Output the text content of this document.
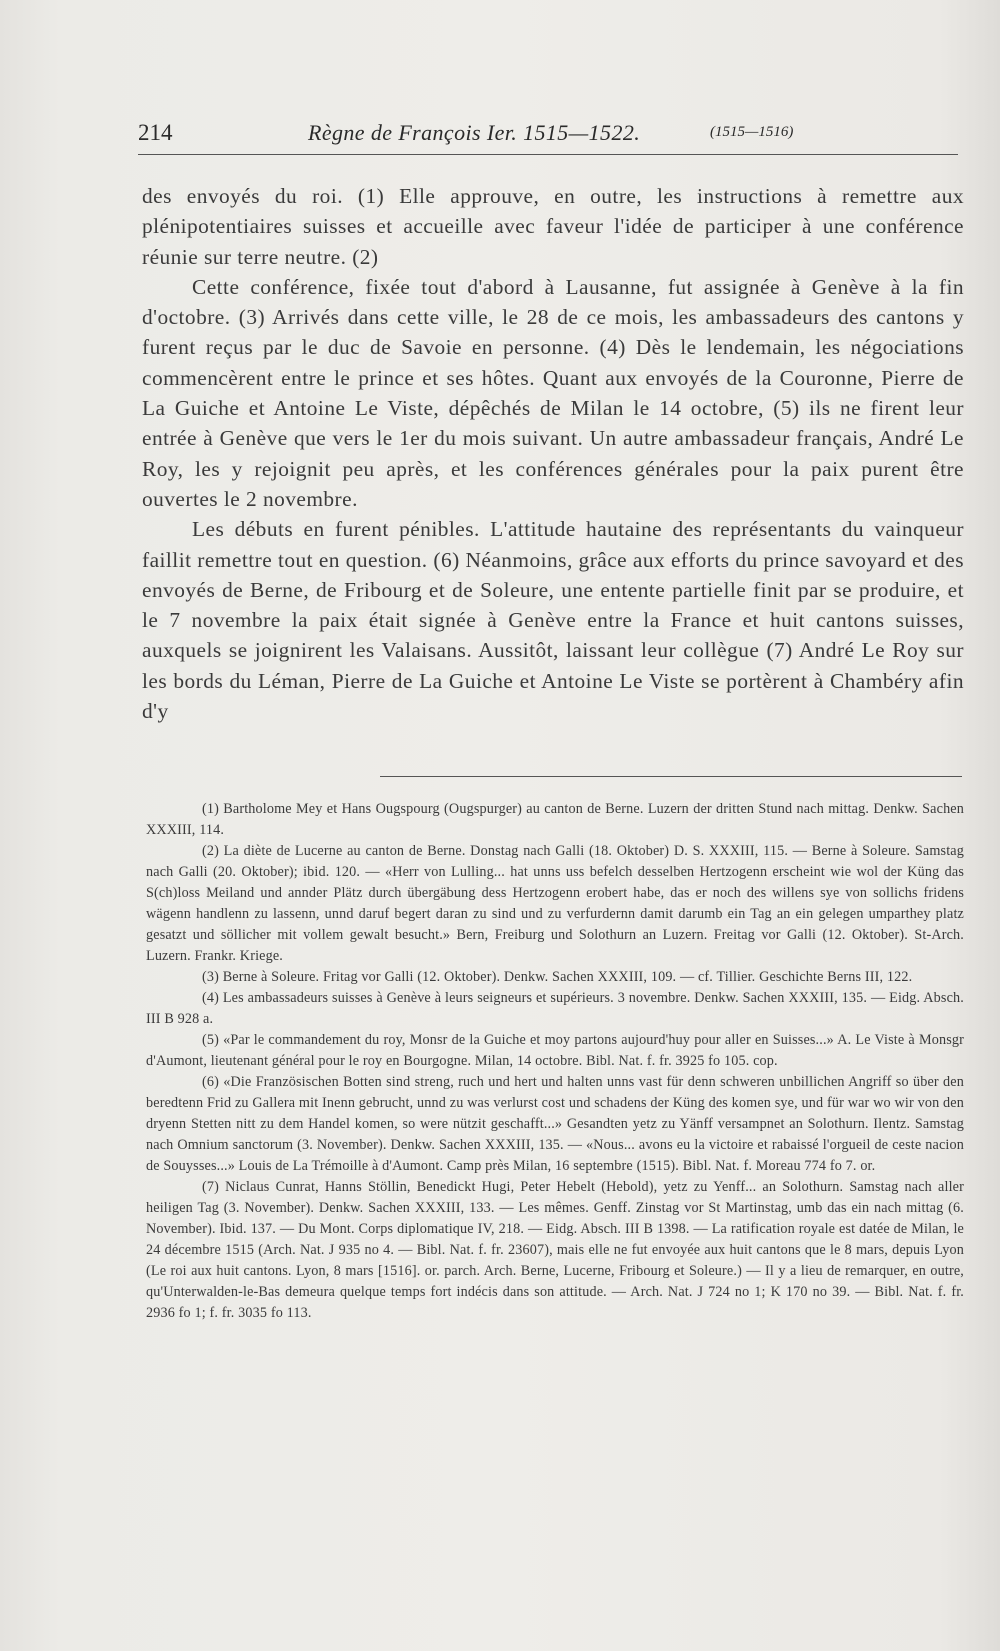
214	Règne de François Ier. 1515—1522.	(1515—1516)

des envoyés du roi. (1) Elle approuve, en outre, les instructions à remettre aux plénipotentiaires suisses et accueille avec faveur l'idée de participer à une conférence réunie sur terre neutre. (2)

Cette conférence, fixée tout d'abord à Lausanne, fut assignée à Genève à la fin d'octobre. (3) Arrivés dans cette ville, le 28 de ce mois, les ambassadeurs des cantons y furent reçus par le duc de Savoie en personne. (4) Dès le lendemain, les négociations commencèrent entre le prince et ses hôtes. Quant aux envoyés de la Couronne, Pierre de La Guiche et Antoine Le Viste, dépêchés de Milan le 14 octobre, (5) ils ne firent leur entrée à Genève que vers le 1er du mois suivant. Un autre ambassadeur français, André Le Roy, les y rejoignit peu après, et les conférences générales pour la paix purent être ouvertes le 2 novembre.

Les débuts en furent pénibles. L'attitude hautaine des représentants du vainqueur faillit remettre tout en question. (6) Néanmoins, grâce aux efforts du prince savoyard et des envoyés de Berne, de Fribourg et de Soleure, une entente partielle finit par se produire, et le 7 novembre la paix était signée à Genève entre la France et huit cantons suisses, auxquels se joignirent les Valaisans. Aussitôt, laissant leur collègue (7) André Le Roy sur les bords du Léman, Pierre de La Guiche et Antoine Le Viste se portèrent à Chambéry afin d'y

(1) Bartholome Mey et Hans Ougspourg (Ougspurger) au canton de Berne. Luzern der dritten Stund nach mittag. Denkw. Sachen XXXIII, 114.

(2) La diète de Lucerne au canton de Berne. Donstag nach Galli (18. Oktober) D. S. XXXIII, 115. — Berne à Soleure. Samstag nach Galli (20. Oktober); ibid. 120. — «Herr von Lulling... hat unns uss befelch desselben Hertzogenn erscheint wie wol der Küng das S(ch)loss Meiland und annder Plätz durch übergäbung dess Hertzogenn erobert habe, das er noch des willens sye von sollichs fridens wägenn handlenn zu lassenn, unnd daruf begert daran zu sind und zu verfurdernn damit darumb ein Tag an ein gelegen umparthey platz gesatzt und söllicher mit vollem gewalt besucht.» Bern, Freiburg und Solothurn an Luzern. Freitag vor Galli (12. Oktober). St-Arch. Luzern. Frankr. Kriege.

(3) Berne à Soleure. Fritag vor Galli (12. Oktober). Denkw. Sachen XXXIII, 109. — cf. Tillier. Geschichte Berns III, 122.

(4) Les ambassadeurs suisses à Genève à leurs seigneurs et supérieurs. 3 novembre. Denkw. Sachen XXXIII, 135. — Eidg. Absch. III B 928 a.

(5) «Par le commandement du roy, Monsr de la Guiche et moy partons aujourd'huy pour aller en Suisses...» A. Le Viste à Monsgr d'Aumont, lieutenant général pour le roy en Bourgogne. Milan, 14 octobre. Bibl. Nat. f. fr. 3925 fo 105. cop.

(6) «Die Französischen Botten sind streng, ruch und hert und halten unns vast für denn schweren unbillichen Angriff so über den beredtenn Frid zu Gallera mit Inenn gebrucht, unnd zu was verlurst cost und schadens der Küng des komen sye, und für war wo wir von den dryenn Stetten nitt zu dem Handel komen, so were nützit geschafft...» Gesandten yetz zu Yänff versampnet an Solothurn. Ilentz. Samstag nach Omnium sanctorum (3. November). Denkw. Sachen XXXIII, 135. — «Nous... avons eu la victoire et rabaissé l'orgueil de ceste nacion de Souysses...» Louis de La Trémoille à d'Aumont. Camp près Milan, 16 septembre (1515). Bibl. Nat. f. Moreau 774 fo 7. or.

(7) Niclaus Cunrat, Hanns Stöllin, Benedickt Hugi, Peter Hebelt (Hebold), yetz zu Yenff... an Solothurn. Samstag nach aller heiligen Tag (3. November). Denkw. Sachen XXXIII, 133. — Les mêmes. Genff. Zinstag vor St Martinstag, umb das ein nach mittag (6. November). Ibid. 137. — Du Mont. Corps diplomatique IV, 218. — Eidg. Absch. III B 1398. — La ratification royale est datée de Milan, le 24 décembre 1515 (Arch. Nat. J 935 no 4. — Bibl. Nat. f. fr. 23607), mais elle ne fut envoyée aux huit cantons que le 8 mars, depuis Lyon (Le roi aux huit cantons. Lyon, 8 mars [1516]. or. parch. Arch. Berne, Lucerne, Fribourg et Soleure.) — Il y a lieu de remarquer, en outre, qu'Unterwalden-le-Bas demeura quelque temps fort indécis dans son attitude. — Arch. Nat. J 724 no 1; K 170 no 39. — Bibl. Nat. f. fr. 2936 fo 1; f. fr. 3035 fo 113.
